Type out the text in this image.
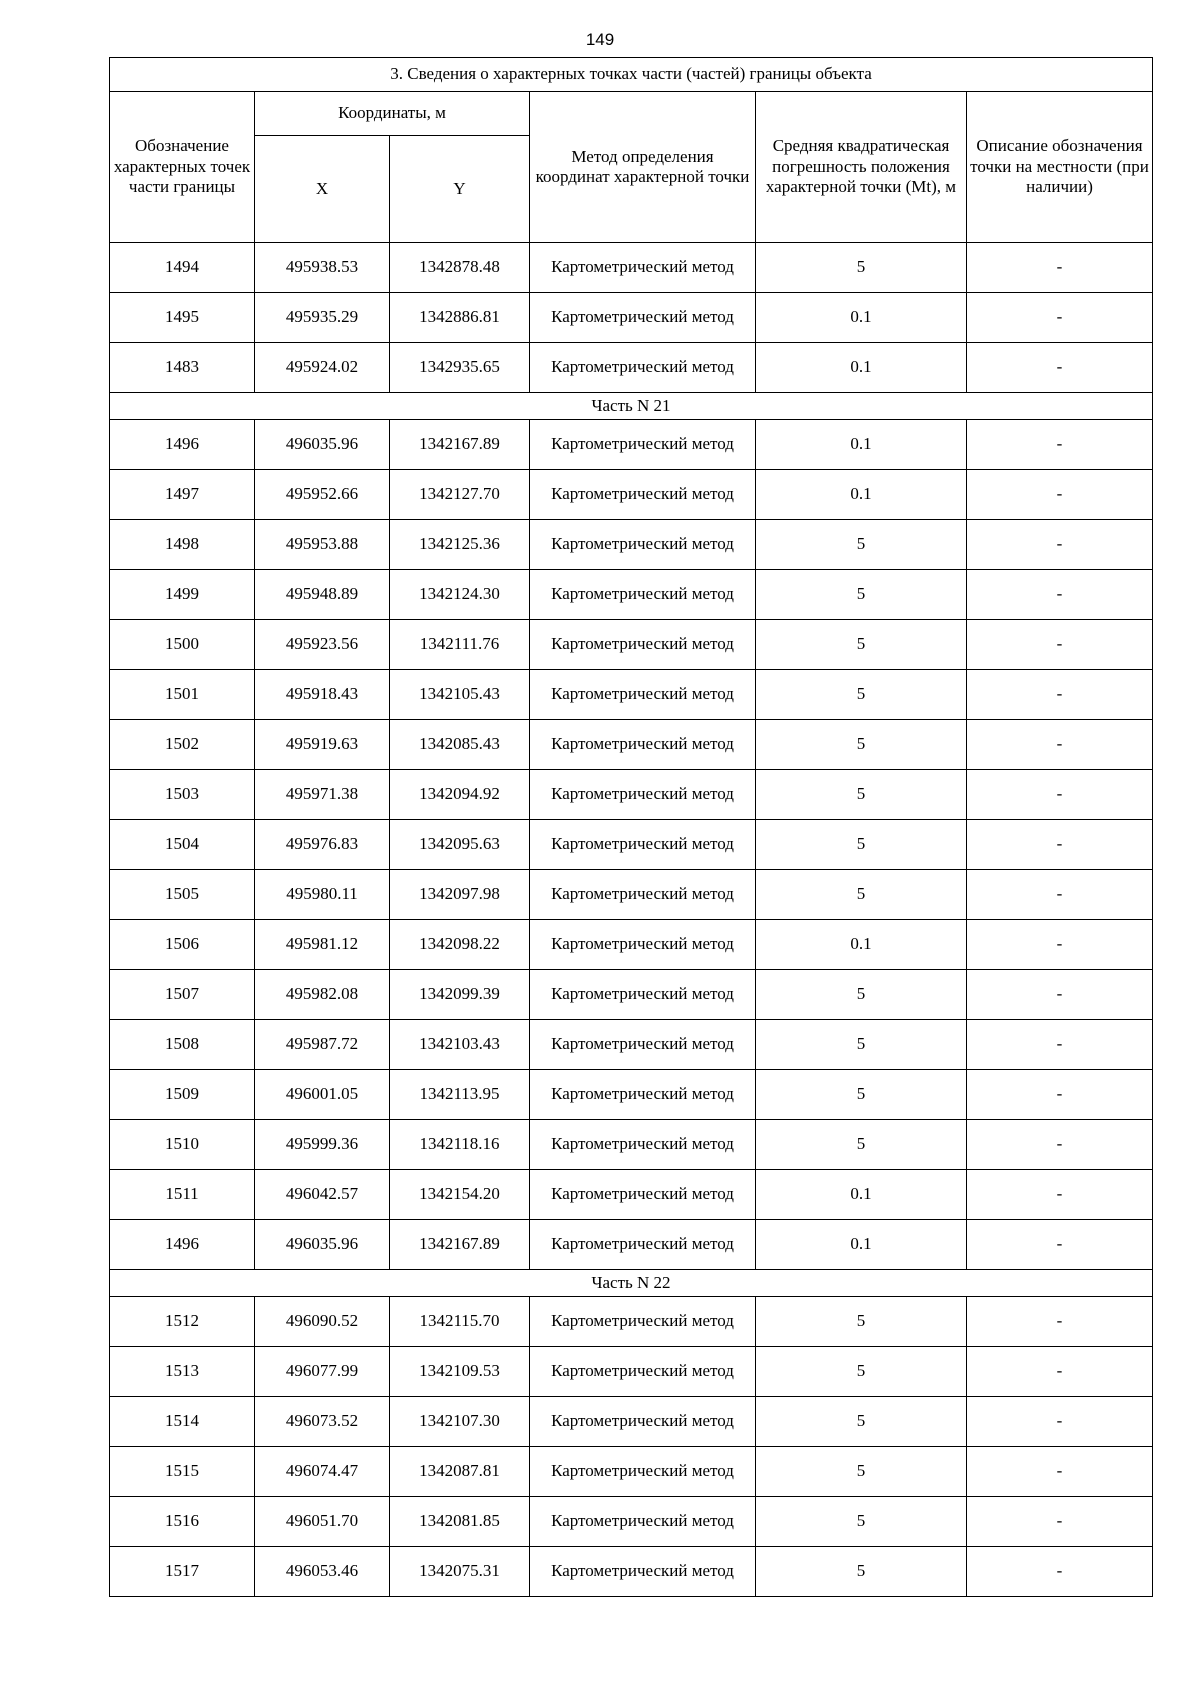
149
3. Сведения о характерных точках части (частей) границы объекта					
Обозначение характерных точек части границы	Координаты, м		Метод определения координат характерной точки	Средняя квадратическая погрешность положения характерной точки (Mt), м	Описание обозначения точки на местности (при наличии)
	X	Y			
1494	495938.53	1342878.48	Картометрический метод	5	-
1495	495935.29	1342886.81	Картометрический метод	0.1	-
1483	495924.02	1342935.65	Картометрический метод	0.1	-
Часть N 21					
1496	496035.96	1342167.89	Картометрический метод	0.1	-
1497	495952.66	1342127.70	Картометрический метод	0.1	-
1498	495953.88	1342125.36	Картометрический метод	5	-
1499	495948.89	1342124.30	Картометрический метод	5	-
1500	495923.56	1342111.76	Картометрический метод	5	-
1501	495918.43	1342105.43	Картометрический метод	5	-
1502	495919.63	1342085.43	Картометрический метод	5	-
1503	495971.38	1342094.92	Картометрический метод	5	-
1504	495976.83	1342095.63	Картометрический метод	5	-
1505	495980.11	1342097.98	Картометрический метод	5	-
1506	495981.12	1342098.22	Картометрический метод	0.1	-
1507	495982.08	1342099.39	Картометрический метод	5	-
1508	495987.72	1342103.43	Картометрический метод	5	-
1509	496001.05	1342113.95	Картометрический метод	5	-
1510	495999.36	1342118.16	Картометрический метод	5	-
1511	496042.57	1342154.20	Картометрический метод	0.1	-
1496	496035.96	1342167.89	Картометрический метод	0.1	-
Часть N 22					
1512	496090.52	1342115.70	Картометрический метод	5	-
1513	496077.99	1342109.53	Картометрический метод	5	-
1514	496073.52	1342107.30	Картометрический метод	5	-
1515	496074.47	1342087.81	Картометрический метод	5	-
1516	496051.70	1342081.85	Картометрический метод	5	-
1517	496053.46	1342075.31	Картометрический метод	5	-
